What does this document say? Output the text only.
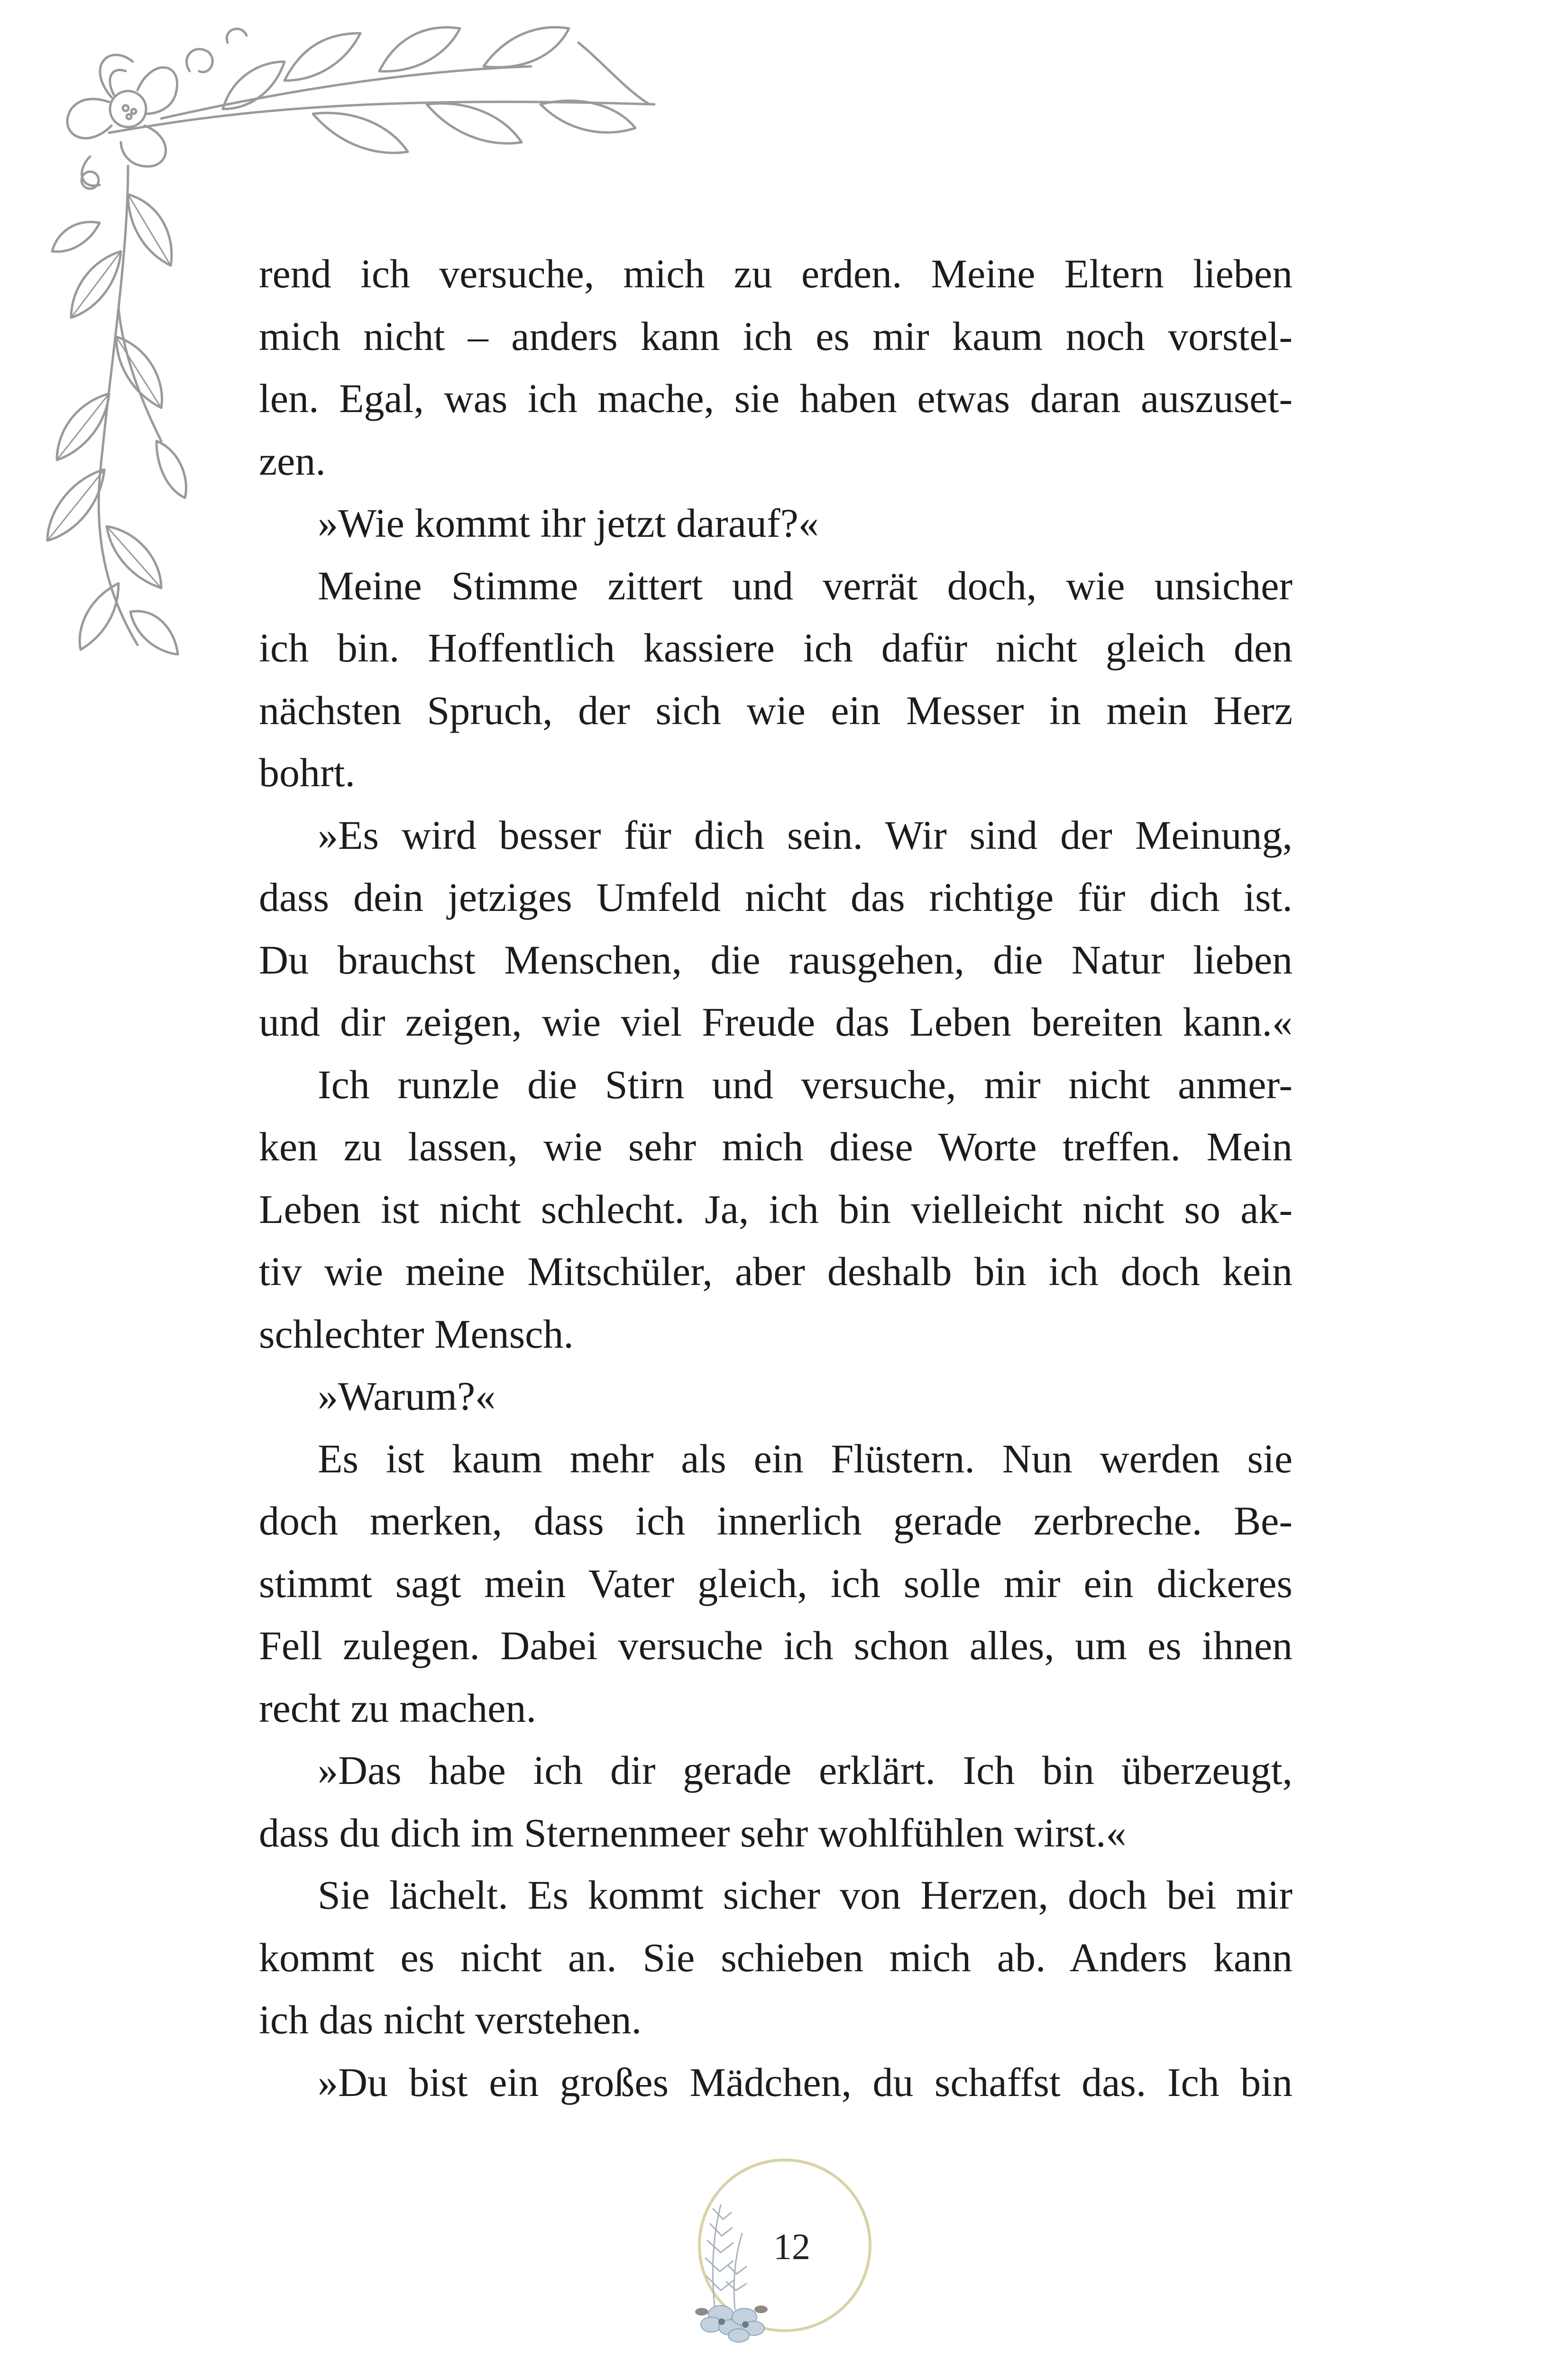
rend ich versuche, mich zu erden. Meine Eltern lieben
mich nicht – anders kann ich es mir kaum noch vorstel-
len. Egal, was ich mache, sie haben etwas daran auszuset-
zen.
»Wie kommt ihr jetzt darauf?«
Meine Stimme zittert und verrät doch, wie unsicher
ich bin. Hoffentlich kassiere ich dafür nicht gleich den
nächsten Spruch, der sich wie ein Messer in mein Herz
bohrt.
»Es wird besser für dich sein. Wir sind der Meinung,
dass dein jetziges Umfeld nicht das richtige für dich ist.
Du brauchst Menschen, die rausgehen, die Natur lieben
und dir zeigen, wie viel Freude das Leben bereiten kann.«
Ich runzle die Stirn und versuche, mir nicht anmer-
ken zu lassen, wie sehr mich diese Worte treffen. Mein
Leben ist nicht schlecht. Ja, ich bin vielleicht nicht so ak-
tiv wie meine Mitschüler, aber deshalb bin ich doch kein
schlechter Mensch.
»Warum?«
Es ist kaum mehr als ein Flüstern. Nun werden sie
doch merken, dass ich innerlich gerade zerbreche. Be-
stimmt sagt mein Vater gleich, ich solle mir ein dickeres
Fell zulegen. Dabei versuche ich schon alles, um es ihnen
recht zu machen.
»Das habe ich dir gerade erklärt. Ich bin überzeugt,
dass du dich im Sternenmeer sehr wohlfühlen wirst.«
Sie lächelt. Es kommt sicher von Herzen, doch bei mir
kommt es nicht an. Sie schieben mich ab. Anders kann
ich das nicht verstehen.
»Du bist ein großes Mädchen, du schaffst das. Ich bin
12
